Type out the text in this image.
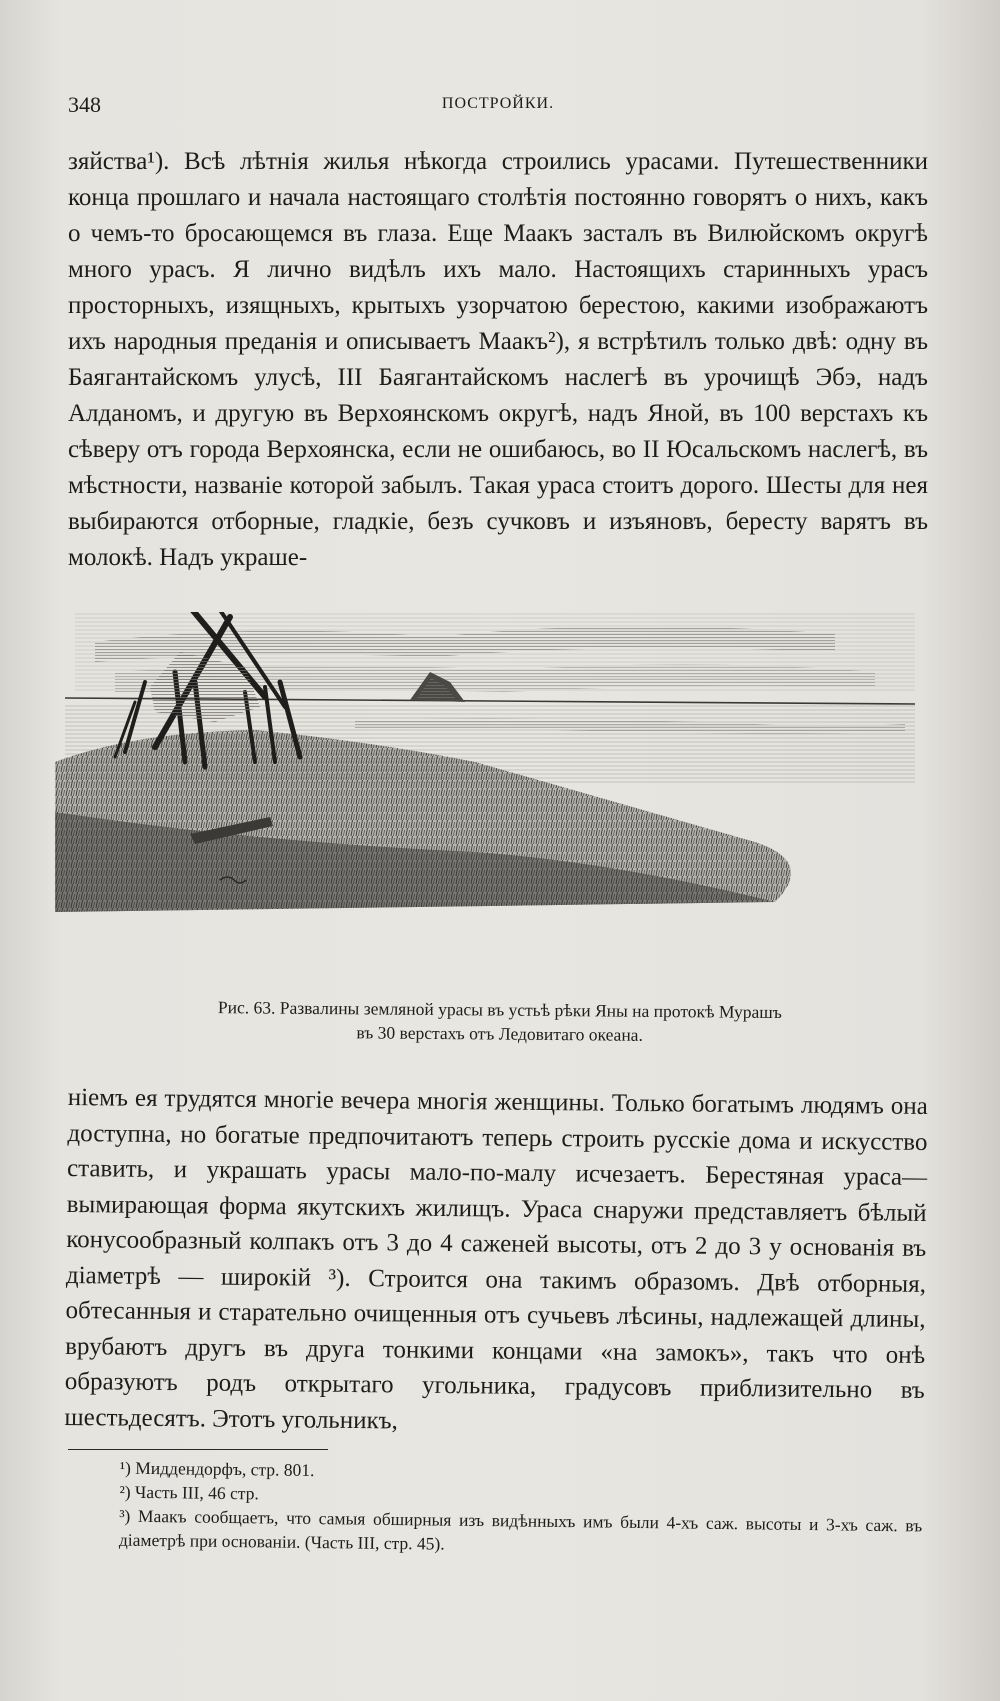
348	ПОСТРОЙКИ.

зяйства¹). Всѣ лѣтнія жилья нѣкогда строились урасами. Путешественники конца прошлаго и начала настоящаго столѣтія постоянно говорятъ о нихъ, какъ о чемъ-то бросающемся въ глаза. Еще Маакъ засталъ въ Вилюйскомъ округѣ много урасъ. Я лично видѣлъ ихъ мало. Настоящихъ старинныхъ урасъ просторныхъ, изящныхъ, крытыхъ узорчатою берестою, какими изображаютъ ихъ народныя преданія и описываетъ Маакъ²), я встрѣтилъ только двѣ: одну въ Баягантайскомъ улусѣ, III Баягантайскомъ наслегѣ въ урочищѣ Эбэ, надъ Алданомъ, и другую въ Верхоянскомъ округѣ, надъ Яной, въ 100 верстахъ къ сѣверу отъ города Верхоянска, если не ошибаюсь, во II Юсальскомъ наслегѣ, въ мѣстности, названіе которой забылъ. Такая ураса стоитъ дорого. Шесты для нея выбираются отборные, гладкіе, безъ сучковъ и изъяновъ, бересту варятъ въ молокѣ. Надъ украше-

Рис. 63. Развалины земляной урасы въ устьѣ рѣки Яны на протокѣ Мурашъ
въ 30 верстахъ отъ Ледовитаго океана.

ніемъ ея трудятся многіе вечера многія женщины. Только богатымъ людямъ она доступна, но богатые предпочитаютъ теперь строить русскіе дома и искусство ставить, и украшать урасы мало-по-малу исчезаетъ. Берестяная ураса—вымирающая форма якутскихъ жилищъ. Ураса снаружи представляетъ бѣлый конусообразный колпакъ отъ 3 до 4 саженей высоты, отъ 2 до 3 у основанія въ діаметрѣ — широкій ³). Строится она такимъ образомъ. Двѣ отборныя, обтесанныя и старательно очищенныя отъ сучьевъ лѣсины, надлежащей длины, врубаютъ другъ въ друга тонкими концами «на замокъ», такъ что онѣ образуютъ родъ открытаго угольника, градусовъ приблизительно въ шестьдесятъ. Этотъ угольникъ,

¹) Миддендорфъ, стр. 801.

²) Часть III, 46 стр.

³) Маакъ сообщаетъ, что самыя обширныя изъ видѣнныхъ имъ были 4-хъ саж. высоты и 3-хъ саж. въ діаметрѣ при основаніи. (Часть III, стр. 45).
